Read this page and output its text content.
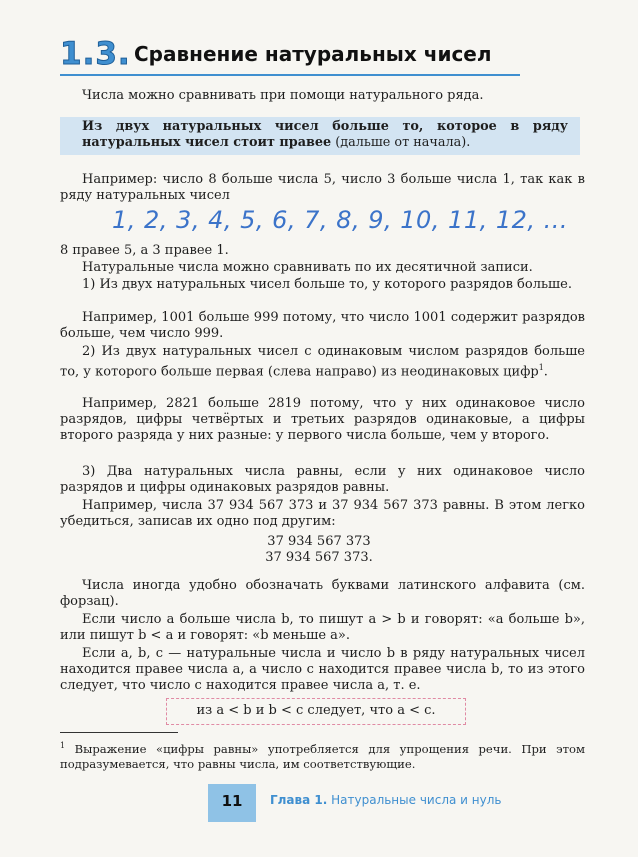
1.3. Сравнение натуральных чисел
Числа можно сравнивать при помощи натурального ряда.
Из двух натуральных чисел больше то, которое в ряду натуральных чисел стоит правее (дальше от начала).
Например: число 8 больше числа 5, число 3 больше числа 1, так как в ряду натуральных чисел
1, 2, 3, 4, 5, 6, 7, 8, 9, 10, 11, 12, ...
8 правее 5, а 3 правее 1.
Натуральные числа можно сравнивать по их десятичной записи.
1) Из двух натуральных чисел больше то, у которого разрядов больше.
Например, 1001 больше 999 потому, что число 1001 содержит разрядов больше, чем число 999.
2) Из двух натуральных чисел с одинаковым числом разрядов больше то, у которого больше первая (слева направо) из неодинаковых цифр$^1$.
Например, 2821 больше 2819 потому, что у них одинаковое число разрядов, цифры четвёртых и третьих разрядов одинаковые, а цифры второго разряда у них разные: у первого числа больше, чем у второго.
3) Два натуральных числа равны, если у них одинаковое число разрядов и цифры одинаковых разрядов равны.
Например, числа 37 934 567 373 и 37 934 567 373 равны. В этом легко убедиться, записав их одно под другим:
37 934 567 373
37 934 567 373.
Числа иногда удобно обозначать буквами латинского алфавита (см. форзац).
Если число a больше числа b, то пишут a > b и говорят: «a больше b», или пишут b < a и говорят: «b меньше a».
Если a, b, c — натуральные числа и число b в ряду натуральных чисел находится правее числа a, а число c находится правее числа b, то из этого следует, что число c находится правее числа a, т. е.
из a < b и b < c следует, что a < c.
$^1$ Выражение «цифры равны» употребляется для упрощения речи. При этом подразумевается, что равны числа, им соответствующие.
11	Глава 1. Натуральные числа и нуль
